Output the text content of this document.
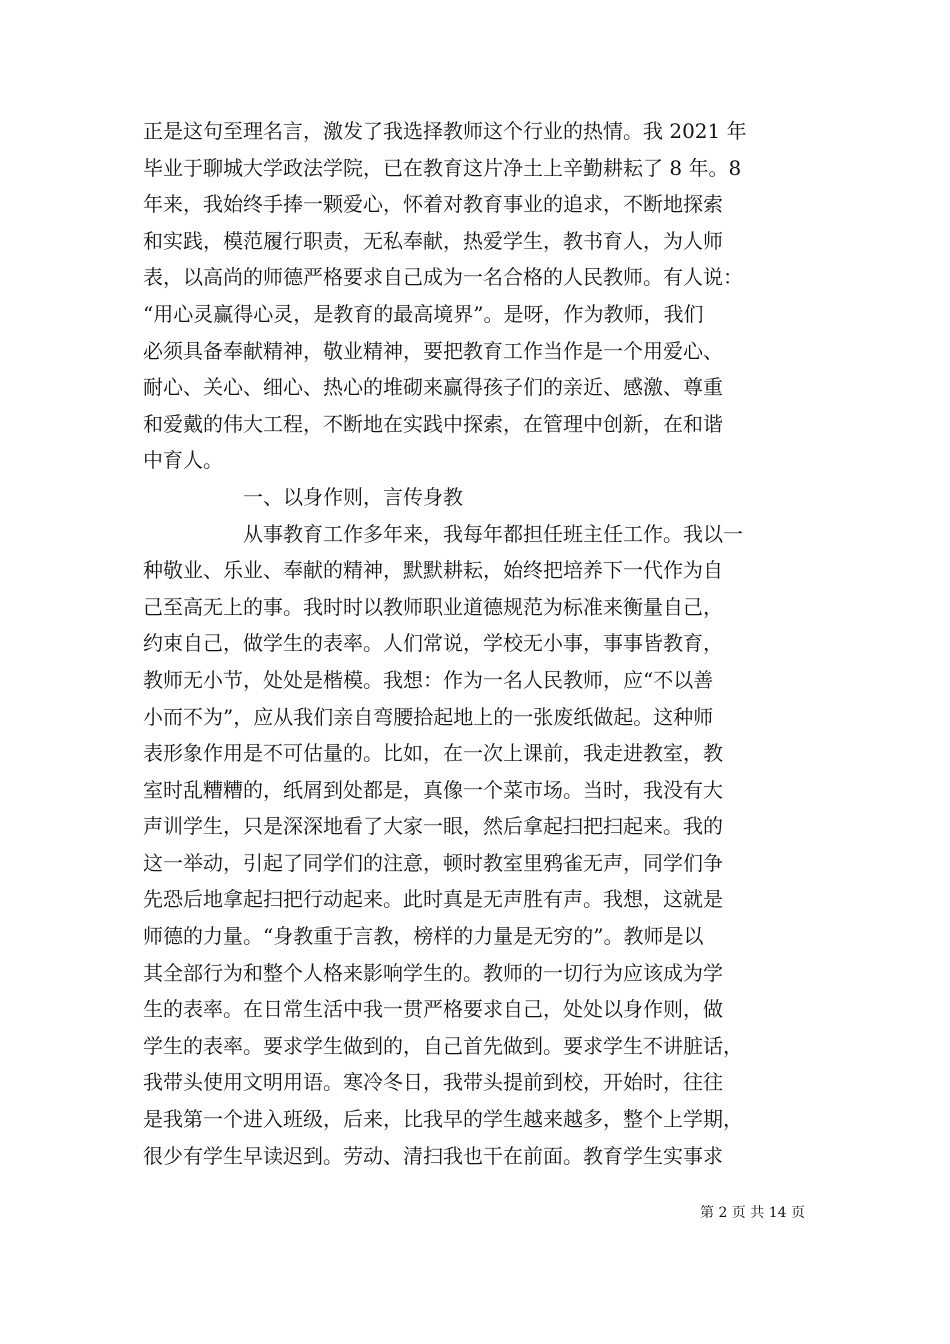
正是这句至理名言，激发了我选择教师这个行业的热情。我 2021 年
毕业于聊城大学政法学院，已在教育这片净土上辛勤耕耘了 8 年。8
年来，我始终手捧一颗爱心，怀着对教育事业的追求，不断地探索
和实践，模范履行职责，无私奉献，热爱学生，教书育人，为人师
表，以高尚的师德严格要求自己成为一名合格的人民教师。有人说：
“用心灵赢得心灵，是教育的最高境界”。是呀，作为教师，我们
必须具备奉献精神，敬业精神，要把教育工作当作是一个用爱心、
耐心、关心、细心、热心的堆砌来赢得孩子们的亲近、感激、尊重
和爱戴的伟大工程，不断地在实践中探索，在管理中创新，在和谐
中育人。
一、以身作则，言传身教
从事教育工作多年来，我每年都担任班主任工作。我以一
种敬业、乐业、奉献的精神，默默耕耘，始终把培养下一代作为自
己至高无上的事。我时时以教师职业道德规范为标准来衡量自己，
约束自己，做学生的表率。人们常说，学校无小事，事事皆教育，
教师无小节，处处是楷模。我想：作为一名人民教师，应“不以善
小而不为”，应从我们亲自弯腰拾起地上的一张废纸做起。这种师
表形象作用是不可估量的。比如，在一次上课前，我走进教室，教
室时乱糟糟的，纸屑到处都是，真像一个菜市场。当时，我没有大
声训学生，只是深深地看了大家一眼，然后拿起扫把扫起来。我的
这一举动，引起了同学们的注意，顿时教室里鸦雀无声，同学们争
先恐后地拿起扫把行动起来。此时真是无声胜有声。我想，这就是
师德的力量。“身教重于言教，榜样的力量是无穷的”。教师是以
其全部行为和整个人格来影响学生的。教师的一切行为应该成为学
生的表率。在日常生活中我一贯严格要求自己，处处以身作则，做
学生的表率。要求学生做到的，自己首先做到。要求学生不讲脏话，
我带头使用文明用语。寒冷冬日，我带头提前到校，开始时，往往
是我第一个进入班级，后来，比我早的学生越来越多，整个上学期，
很少有学生早读迟到。劳动、清扫我也干在前面。教育学生实事求
第 2 页 共 14 页
